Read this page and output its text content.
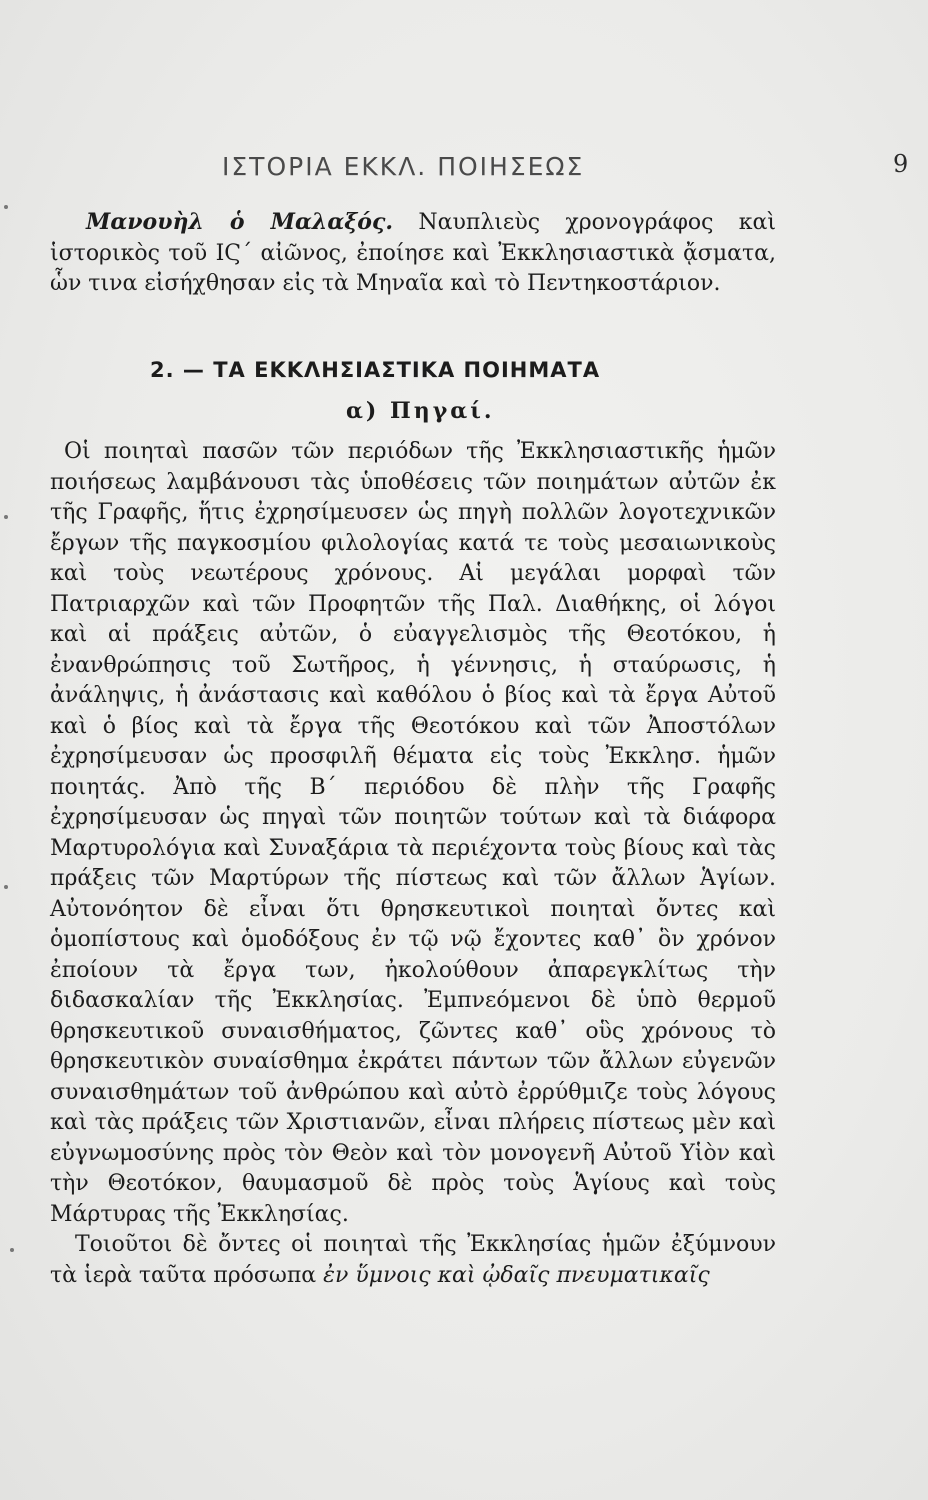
ΙΣΤΟΡΙΑ ΕΚΚΛ. ΠΟΙΗΣΕΩΣ	9
Μανουὴλ ὁ Μαλαξός. Ναυπλιεὺς χρονογράφος καὶ ἱστορικὸς τοῦ ΙϚ´ αἰῶνος, ἐποίησε καὶ Ἐκκλησιαστικὰ ᾄσματα, ὧν τινα εἰσήχθησαν εἰς τὰ Μηναῖα καὶ τὸ Πεντηκοστάριον.
2. — ΤΑ ΕΚΚΛΗΣΙΑΣΤΙΚΑ ΠΟΙΗΜΑΤΑ
α) Πηγαί.

Οἱ ποιηταὶ πασῶν τῶν περιόδων τῆς Ἐκκλησιαστικῆς ἡμῶν ποιήσεως λαμβάνουσι τὰς ὑποθέσεις τῶν ποιημάτων αὐτῶν ἐκ τῆς Γραφῆς, ἥτις ἐχρησίμευσεν ὡς πηγὴ πολλῶν λογοτεχνικῶν ἔργων τῆς παγκοσμίου φιλολογίας κατά τε τοὺς μεσαιωνικοὺς καὶ τοὺς νεωτέρους χρόνους. Αἱ μεγάλαι μορφαὶ τῶν Πατριαρχῶν καὶ τῶν Προφητῶν τῆς Παλ. Διαθήκης, οἱ λόγοι καὶ αἱ πράξεις αὐτῶν, ὁ εὐαγγελισμὸς τῆς Θεοτόκου, ἡ ἐνανθρώπησις τοῦ Σωτῆρος, ἡ γέννησις, ἡ σταύρωσις, ἡ ἀνάληψις, ἡ ἀνάστασις καὶ καθόλου ὁ βίος καὶ τὰ ἔργα Αὐτοῦ καὶ ὁ βίος καὶ τὰ ἔργα τῆς Θεοτόκου καὶ τῶν Ἀποστόλων ἐχρησίμευσαν ὡς προσφιλῆ θέματα εἰς τοὺς Ἐκκλησ. ἡμῶν ποιητάς. Ἀπὸ τῆς Β´ περιόδου δὲ πλὴν τῆς Γραφῆς ἐχρησίμευσαν ὡς πηγαὶ τῶν ποιητῶν τούτων καὶ τὰ διάφορα Μαρτυρολόγια καὶ Συναξάρια τὰ περιέχοντα τοὺς βίους καὶ τὰς πράξεις τῶν Μαρτύρων τῆς πίστεως καὶ τῶν ἄλλων Ἁγίων. Αὐτονόητον δὲ εἶναι ὅτι θρησκευτικοὶ ποιηταὶ ὄντες καὶ ὁμοπίστους καὶ ὁμοδόξους ἐν τῷ νῷ ἔχοντες καθ᾽ ὃν χρόνον ἐποίουν τὰ ἔργα των, ἠκολούθουν ἀπαρεγκλίτως τὴν διδασκαλίαν τῆς Ἐκκλησίας. Ἐμπνεόμενοι δὲ ὑπὸ θερμοῦ θρησκευτικοῦ συναισθήματος, ζῶντες καθ᾽ οὓς χρόνους τὸ θρησκευτικὸν συναίσθημα ἐκράτει πάντων τῶν ἄλλων εὐγενῶν συναισθημάτων τοῦ ἀνθρώπου καὶ αὐτὸ ἐρρύθμιζε τοὺς λόγους καὶ τὰς πράξεις τῶν Χριστιανῶν, εἶναι πλήρεις πίστεως μὲν καὶ εὐγνωμοσύνης πρὸς τὸν Θεὸν καὶ τὸν μονογενῆ Αὐτοῦ Υἱὸν καὶ τὴν Θεοτόκον, θαυμασμοῦ δὲ πρὸς τοὺς Ἁγίους καὶ τοὺς Μάρτυρας τῆς Ἐκκλησίας.

Τοιοῦτοι δὲ ὄντες οἱ ποιηταὶ τῆς Ἐκκλησίας ἡμῶν ἐξύμνουν τὰ ἱερὰ ταῦτα πρόσωπα ἐν ὕμνοις καὶ ᾠδαῖς πνευματικαῖς
